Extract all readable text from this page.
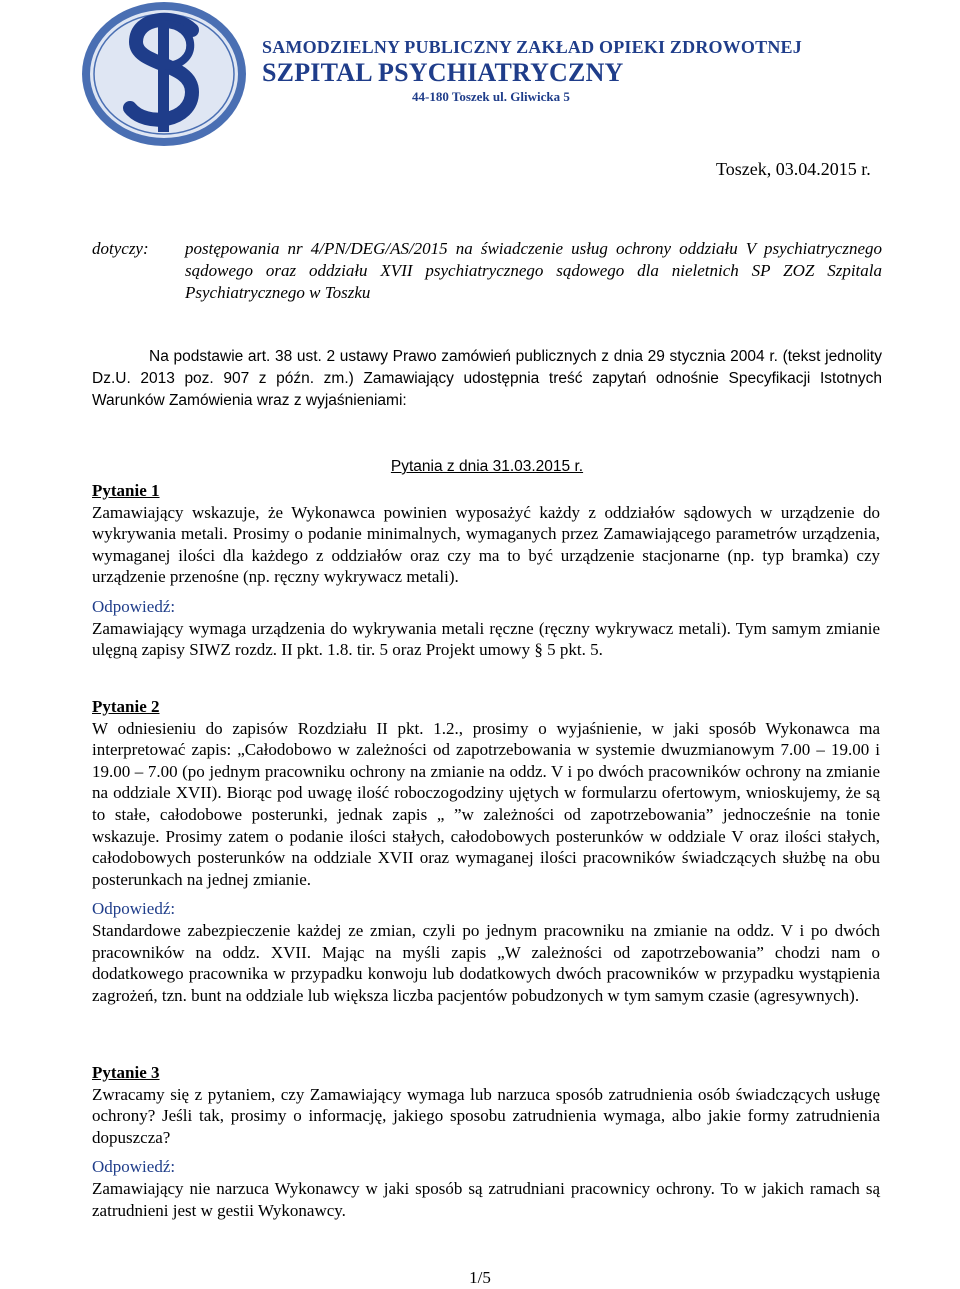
SAMODZIELNY PUBLICZNY ZAKŁAD OPIEKI ZDROWOTNEJ
SZPITAL PSYCHIATRYCZNY
44-180 Toszek ul. Gliwicka 5
Toszek, 03.04.2015 r.
dotyczy:	postępowania nr 4/PN/DEG/AS/2015 na świadczenie usług ochrony oddziału V psychiatrycznego sądowego oraz oddziału XVII psychiatrycznego sądowego dla nieletnich SP ZOZ Szpitala Psychiatrycznego w Toszku
Na podstawie art. 38 ust. 2 ustawy Prawo zamówień publicznych z dnia 29 stycznia 2004 r. (tekst jednolity Dz.U. 2013 poz. 907 z późn. zm.) Zamawiający udostępnia treść zapytań odnośnie Specyfikacji Istotnych Warunków Zamówienia wraz z wyjaśnieniami:
Pytania z dnia 31.03.2015 r.
Pytanie 1

Zamawiający wskazuje, że Wykonawca powinien wyposażyć każdy z oddziałów sądowych w urządzenie do wykrywania metali. Prosimy o podanie minimalnych, wymaganych przez Zamawiającego parametrów urządzenia, wymaganej ilości dla każdego z oddziałów oraz czy ma to być urządzenie stacjonarne (np. typ bramka) czy urządzenie przenośne (np. ręczny wykrywacz metali).

Odpowiedź:

Zamawiający wymaga urządzenia do wykrywania metali ręczne (ręczny wykrywacz metali). Tym samym zmianie ulęgną zapisy SIWZ rozdz. II pkt. 1.8. tir. 5 oraz Projekt umowy § 5 pkt. 5.

Pytanie 2

W odniesieniu do zapisów Rozdziału II pkt. 1.2., prosimy o wyjaśnienie, w jaki sposób Wykonawca ma interpretować zapis: „Całodobowo w zależności od zapotrzebowania w systemie dwuzmianowym 7.00 – 19.00 i 19.00 – 7.00 (po jednym pracowniku ochrony na zmianie na oddz. V i po dwóch pracowników ochrony na zmianie na oddziale XVII). Biorąc pod uwagę ilość roboczogodziny ujętych w formularzu ofertowym, wnioskujemy, że są to stałe, całodobowe posterunki, jednak zapis „ ”w zależności od zapotrzebowania” jednocześnie na tonie wskazuje. Prosimy zatem o podanie ilości stałych, całodobowych posterunków w oddziale V oraz ilości stałych, całodobowych posterunków na oddziale XVII oraz wymaganej ilości pracowników świadczących służbę na obu posterunkach na jednej zmianie.

Odpowiedź:

Standardowe zabezpieczenie każdej ze zmian, czyli po jednym pracowniku na zmianie na oddz. V i po dwóch pracowników na oddz. XVII. Mając na myśli zapis „W zależności od zapotrzebowania” chodzi nam o dodatkowego pracownika w przypadku konwoju lub dodatkowych dwóch pracowników w przypadku wystąpienia zagrożeń, tzn. bunt na oddziale lub większa liczba pacjentów pobudzonych w tym samym czasie (agresywnych).

Pytanie 3

Zwracamy się z pytaniem, czy Zamawiający wymaga lub narzuca sposób zatrudnienia osób świadczących usługę ochrony? Jeśli tak, prosimy o informację, jakiego sposobu zatrudnienia wymaga, albo jakie formy zatrudnienia dopuszcza?

Odpowiedź:

Zamawiający nie narzuca Wykonawcy w jaki sposób są zatrudniani pracownicy ochrony. To w jakich ramach są zatrudnieni jest w gestii Wykonawcy.

1/5
